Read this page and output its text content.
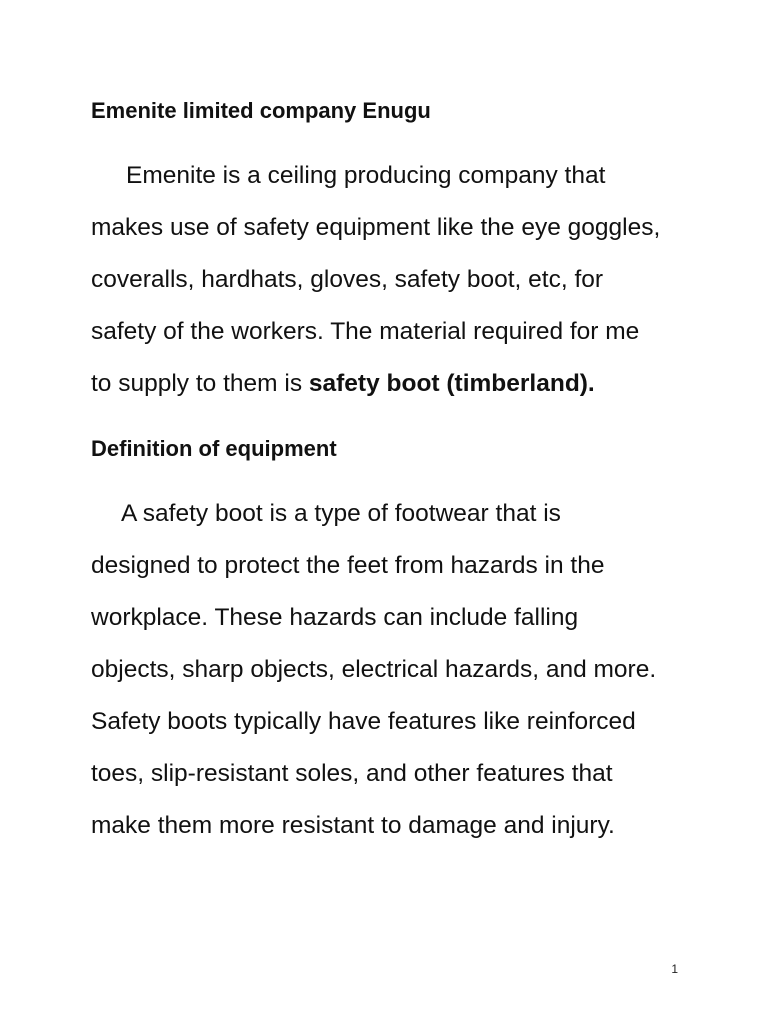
Emenite limited company Enugu
Emenite is a ceiling producing company that
makes use of safety equipment like the eye goggles,
coveralls, hardhats, gloves, safety boot, etc, for
safety of the workers. The material required for me
to supply to them is safety boot (timberland).
Definition of equipment
A safety boot is a type of footwear that is
designed to protect the feet from hazards in the
workplace. These hazards can include falling
objects, sharp objects, electrical hazards, and more.
Safety boots typically have features like reinforced
toes, slip-resistant soles, and other features that
make them more resistant to damage and injury.
1
